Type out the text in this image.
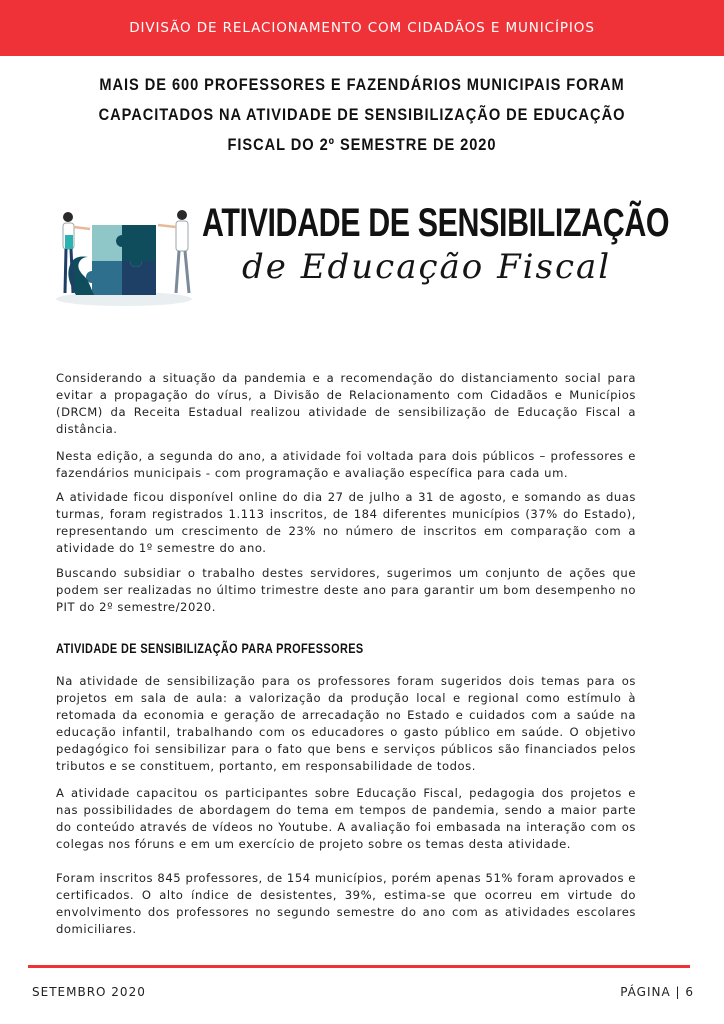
DIVISÃO DE RELACIONAMENTO COM CIDADÃOS E MUNICÍPIOS
MAIS DE 600 PROFESSORES E FAZENDÁRIOS MUNICIPAIS FORAM CAPACITADOS NA ATIVIDADE DE SENSIBILIZAÇÃO DE EDUCAÇÃO FISCAL DO 2º SEMESTRE DE 2020
ATIVIDADE DE SENSIBILIZAÇÃO
de Educação Fiscal

Considerando a situação da pandemia e a recomendação do distanciamento social para evitar a propagação do vírus, a Divisão de Relacionamento com Cidadãos e Municípios (DRCM) da Receita Estadual realizou atividade de sensibilização de Educação Fiscal a distância.

Nesta edição, a segunda do ano, a atividade foi voltada para dois públicos – professores e fazendários municipais - com programação e avaliação específica para cada um.

A atividade ficou disponível online do dia 27 de julho a 31 de agosto, e somando as duas turmas, foram registrados 1.113 inscritos, de 184 diferentes municípios (37% do Estado), representando um crescimento de 23% no número de inscritos em comparação com a atividade do 1º semestre do ano.

Buscando subsidiar o trabalho destes servidores, sugerimos um conjunto de ações que podem ser realizadas no último trimestre deste ano para garantir um bom desempenho no PIT do 2º semestre/2020.

ATIVIDADE DE SENSIBILIZAÇÃO PARA PROFESSORES

Na atividade de sensibilização para os professores foram sugeridos dois temas para os projetos em sala de aula: a valorização da produção local e regional como estímulo à retomada da economia e geração de arrecadação no Estado e cuidados com a saúde na educação infantil, trabalhando com os educadores o gasto público em saúde. O objetivo pedagógico foi sensibilizar para o fato que bens e serviços públicos são financiados pelos tributos e se constituem, portanto, em responsabilidade de todos.

A atividade capacitou os participantes sobre Educação Fiscal, pedagogia dos projetos e nas possibilidades de abordagem do tema em tempos de pandemia, sendo a maior parte do conteúdo através de vídeos no Youtube. A avaliação foi embasada na interação com os colegas nos fóruns e em um exercício de projeto sobre os temas desta atividade.

Foram inscritos 845 professores, de 154 municípios, porém apenas 51% foram aprovados e certificados. O alto índice de desistentes, 39%, estima-se que ocorreu em virtude do envolvimento dos professores no segundo semestre do ano com as atividades escolares domiciliares.

SETEMBRO 2020	PÁGINA | 6
